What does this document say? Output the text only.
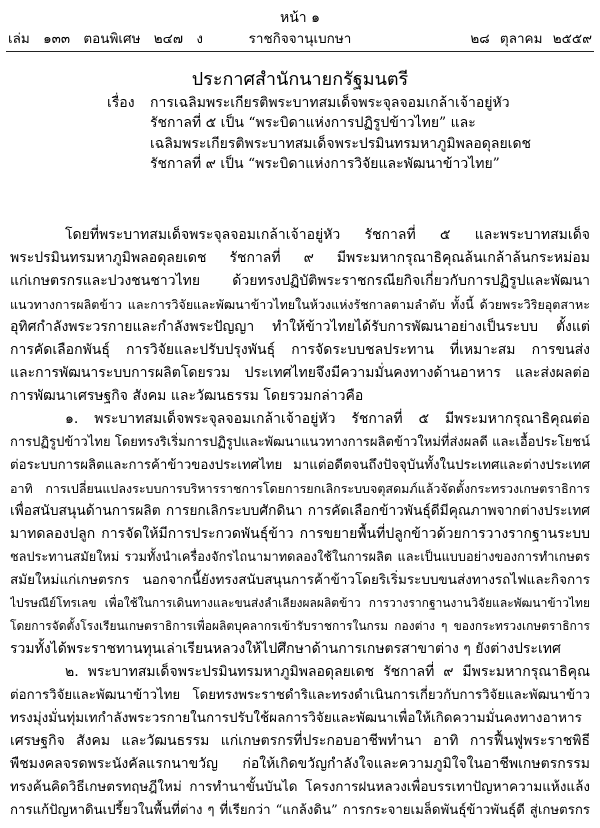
หน้า ๑
เล่ม ๑๓๓ ตอนพิเศษ ๒๔๗ ง	ราชกิจจานุเบกษา	๒๘ ตุลาคม ๒๕๕๙
ประกาศสำนักนายกรัฐมนตรี
เรื่อง การเฉลิมพระเกียรติพระบาทสมเด็จพระจุลจอมเกล้าเจ้าอยู่หัว
รัชกาลที่ ๕ เป็น “พระบิดาแห่งการปฏิรูปข้าวไทย” และ
เฉลิมพระเกียรติพระบาทสมเด็จพระปรมินทรมหาภูมิพลอดุลยเดช
รัชกาลที่ ๙ เป็น “พระบิดาแห่งการวิจัยและพัฒนาข้าวไทย”
โดยที่พระบาทสมเด็จพระจุลจอมเกล้าเจ้าอยู่หัว รัชกาลที่ ๕ และพระบาทสมเด็จ
พระปรมินทรมหาภูมิพลอดุลยเดช รัชกาลที่ ๙ มีพระมหากรุณาธิคุณล้นเกล้าล้นกระหม่อม
แก่เกษตรกรและปวงชนชาวไทย ด้วยทรงปฏิบัติพระราชกรณียกิจเกี่ยวกับการปฏิรูปและพัฒนา
แนวทางการผลิตข้าว และการวิจัยและพัฒนาข้าวไทยในห้วงแห่งรัชกาลตามลำดับ ทั้งนี้ ด้วยพระวิริยอุตสาหะ
อุทิศกำลังพระวรกายและกำลังพระปัญญา ทำให้ข้าวไทยได้รับการพัฒนาอย่างเป็นระบบ ตั้งแต่
การคัดเลือกพันธุ์ การวิจัยและปรับปรุงพันธุ์ การจัดระบบชลประทาน ที่เหมาะสม การขนส่ง
และการพัฒนาระบบการผลิตโดยรวม ประเทศไทยจึงมีความมั่นคงทางด้านอาหาร และส่งผลต่อ
การพัฒนาเศรษฐกิจ สังคม และวัฒนธรรม โดยรวมกล่าวคือ
๑. พระบาทสมเด็จพระจุลจอมเกล้าเจ้าอยู่หัว รัชกาลที่ ๕ มีพระมหากรุณาธิคุณต่อ
การปฏิรูปข้าวไทย โดยทรงริเริ่มการปฏิรูปและพัฒนาแนวทางการผลิตข้าวใหม่ที่ส่งผลดี และเอื้อประโยชน์
ต่อระบบการผลิตและการค้าข้าวของประเทศไทย มาแต่อดีตจนถึงปัจจุบันทั้งในประเทศและต่างประเทศ
อาทิ การเปลี่ยนแปลงระบบการบริหารราชการโดยการยกเลิกระบบจตุสดมภ์แล้วจัดตั้งกระทรวงเกษตราธิการ
เพื่อสนับสนุนด้านการผลิต การยกเลิกระบบศักดินา การคัดเลือกข้าวพันธุ์ดีมีคุณภาพจากต่างประเทศ
มาทดลองปลูก การจัดให้มีการประกวดพันธุ์ข้าว การขยายพื้นที่ปลูกข้าวด้วยการวางรากฐานระบบ
ชลประทานสมัยใหม่ รวมทั้งนำเครื่องจักรไถนามาทดลองใช้ในการผลิต และเป็นแบบอย่างของการทำเกษตร
สมัยใหม่แก่เกษตรกร นอกจากนี้ยังทรงสนับสนุนการค้าข้าวโดยริเริ่มระบบขนส่งทางรถไฟและกิจการ
ไปรษณีย์โทรเลข เพื่อใช้ในการเดินทางและขนส่งลำเลียงผลผลิตข้าว การวางรากฐานงานวิจัยและพัฒนาข้าวไทย
โดยการจัดตั้งโรงเรียนเกษตราธิการเพื่อผลิตบุคลากรเข้ารับราชการในกรม กองต่าง ๆ ของกระทรวงเกษตราธิการ
รวมทั้งได้พระราชทานทุนเล่าเรียนหลวงให้ไปศึกษาด้านการเกษตรสาขาต่าง ๆ ยังต่างประเทศ
๒. พระบาทสมเด็จพระปรมินทรมหาภูมิพลอดุลยเดช รัชกาลที่ ๙ มีพระมหากรุณาธิคุณ
ต่อการวิจัยและพัฒนาข้าวไทย โดยทรงพระราชดำริและทรงดำเนินการเกี่ยวกับการวิจัยและพัฒนาข้าว
ทรงมุ่งมั่นทุ่มเทกำลังพระวรกายในการปรับใช้ผลการวิจัยและพัฒนาเพื่อให้เกิดความมั่นคงทางอาหาร
เศรษฐกิจ สังคม และวัฒนธรรม แก่เกษตรกรที่ประกอบอาชีพทำนา อาทิ การฟื้นฟูพระราชพิธี
พืชมงคลจรดพระนังคัลแรกนาขวัญ ก่อให้เกิดขวัญกำลังใจและความภูมิใจในอาชีพเกษตรกรรม
ทรงค้นคิดวิธีเกษตรทฤษฎีใหม่ การทำนาขั้นบันได โครงการฝนหลวงเพื่อบรรเทาปัญหาความแห้งแล้ง
การแก้ปัญหาดินเปรี้ยวในพื้นที่ต่าง ๆ ที่เรียกว่า “แกล้งดิน” การกระจายเมล็ดพันธุ์ข้าวพันธุ์ดี สู่เกษตรกร
